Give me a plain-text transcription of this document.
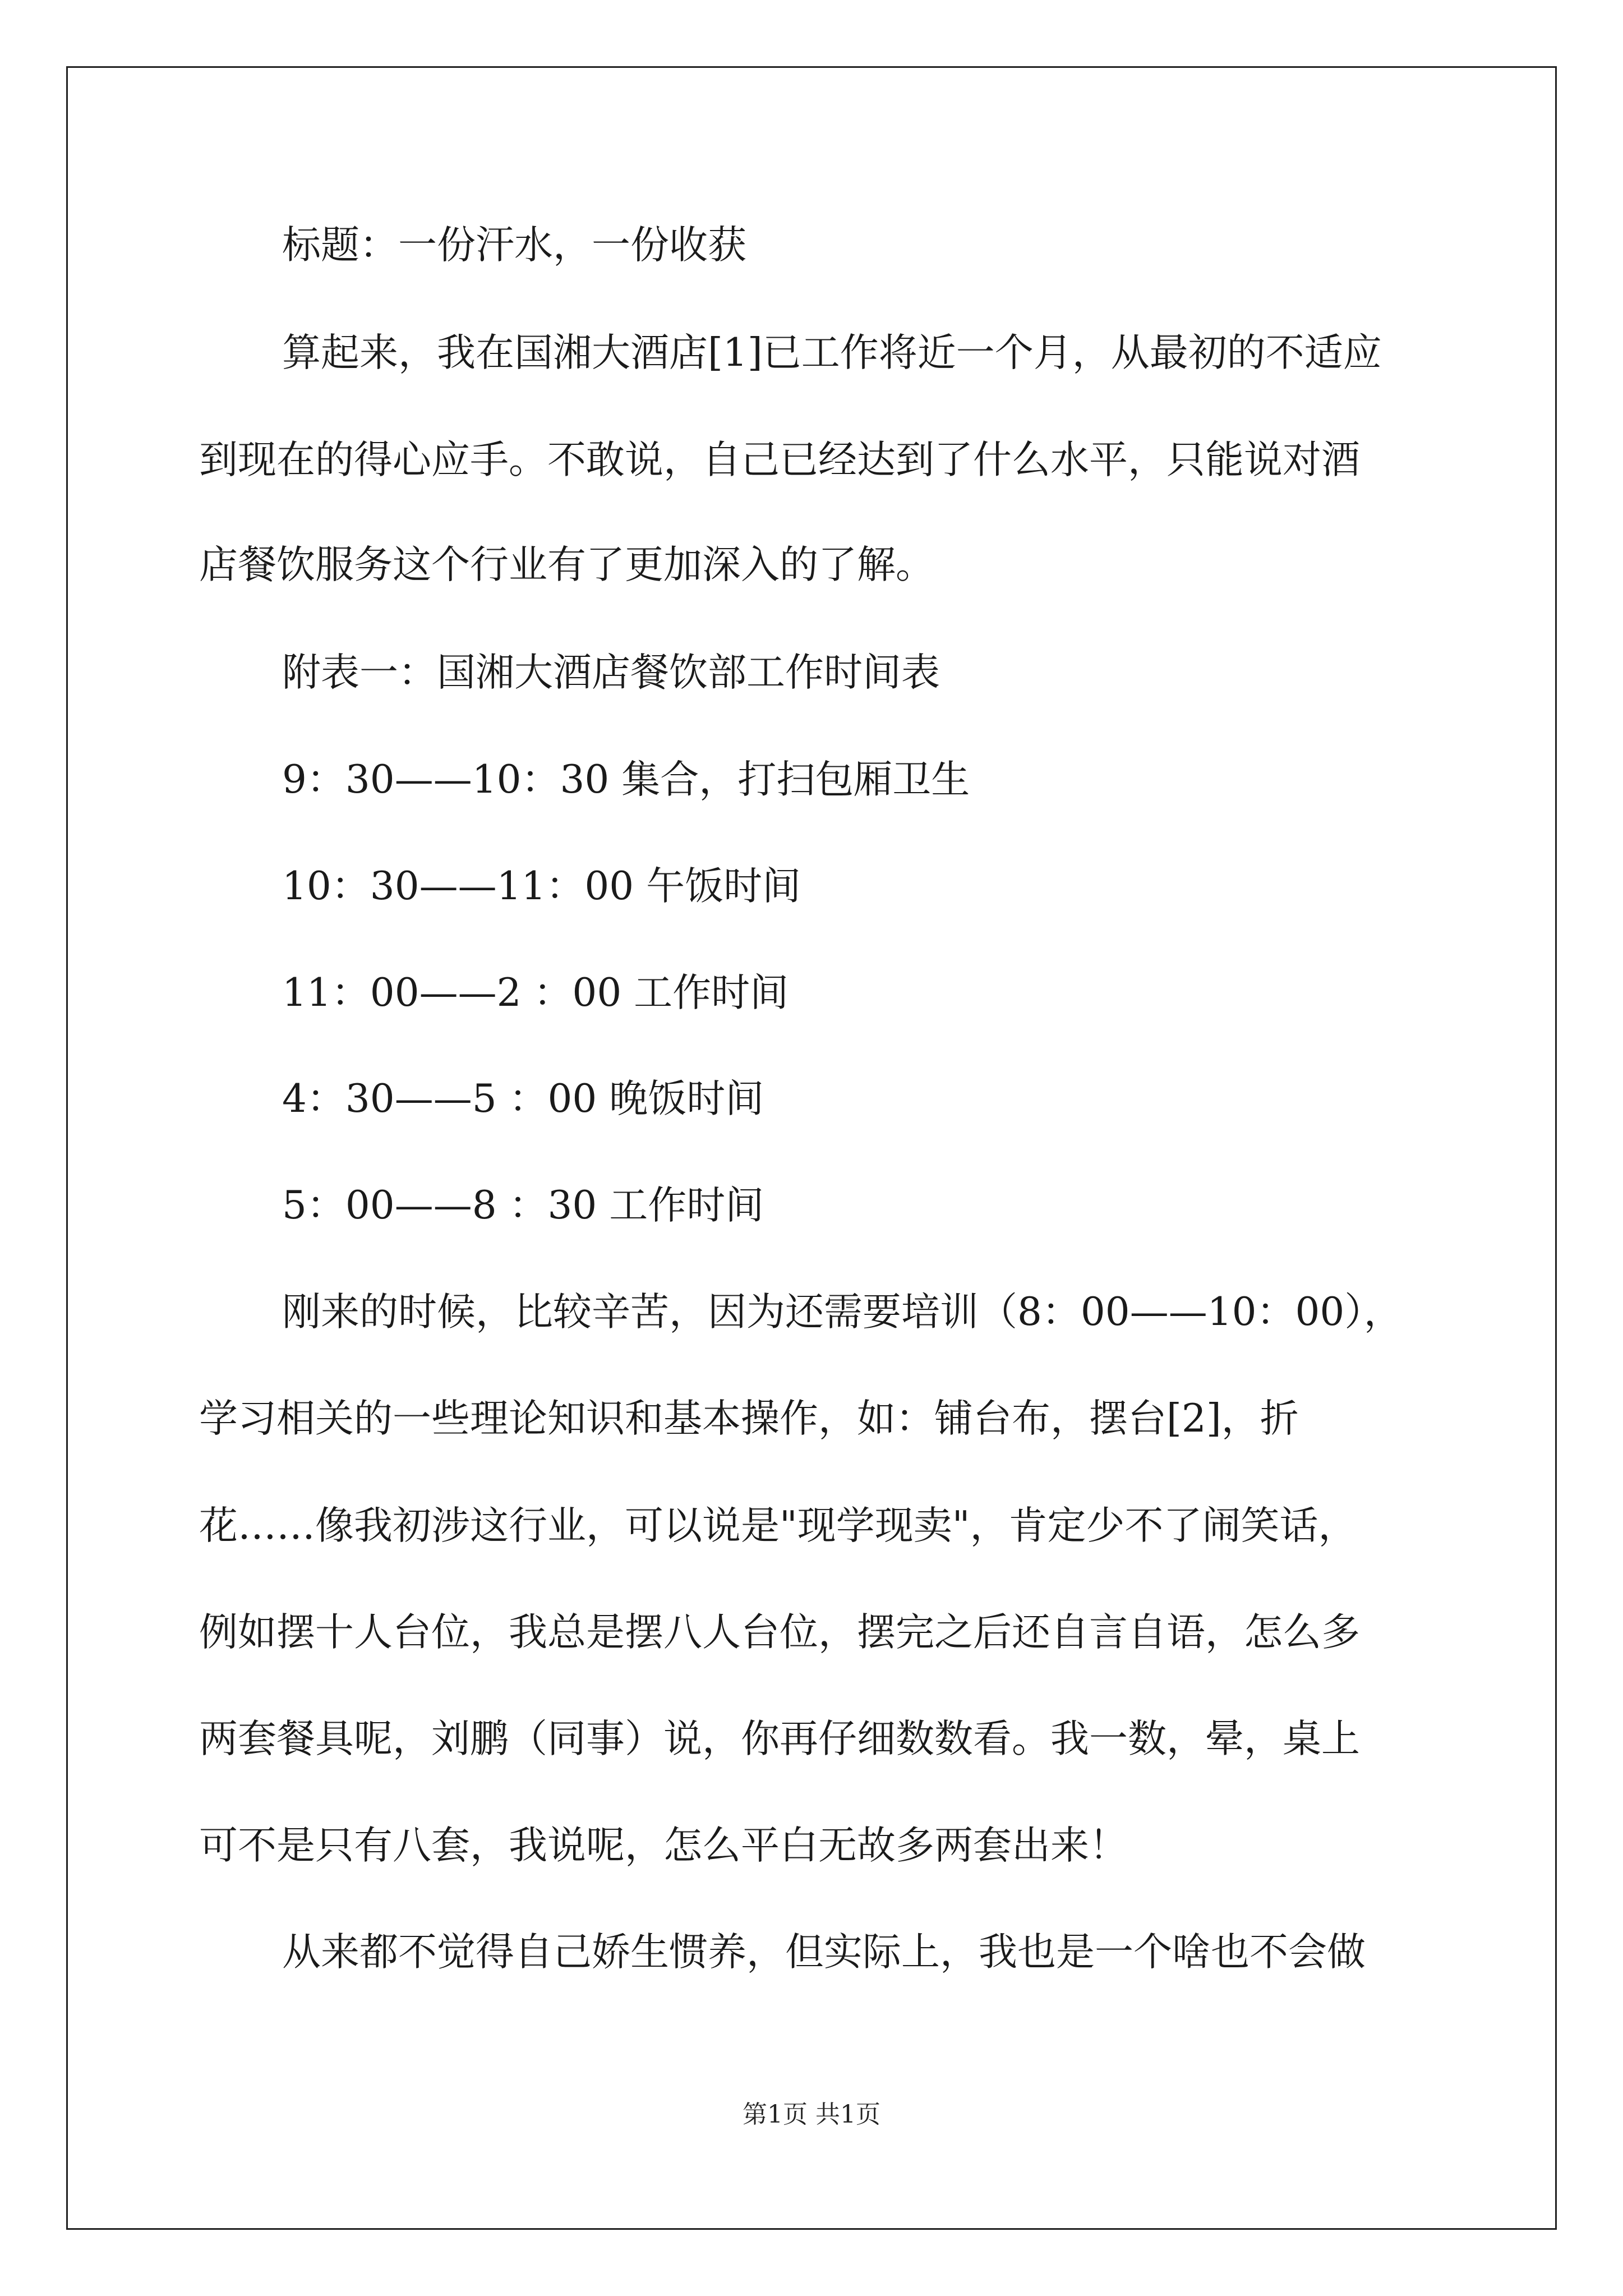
标题：一份汗水，一份收获
算起来，我在国湘大酒店[1]已工作将近一个月，从最初的不适应
到现在的得心应手。不敢说，自己已经达到了什么水平，只能说对酒
店餐饮服务这个行业有了更加深入的了解。
附表一：国湘大酒店餐饮部工作时间表
9：30——10：30 集合，打扫包厢卫生
10：30——11：00 午饭时间
11：00——2 ：00 工作时间
4：30——5 ：00 晚饭时间
5：00——8 ：30 工作时间
刚来的时候，比较辛苦，因为还需要培训（8：00——10：00），
学习相关的一些理论知识和基本操作，如：铺台布，摆台[2]，折
花……像我初涉这行业，可以说是"现学现卖"，肯定少不了闹笑话，
例如摆十人台位，我总是摆八人台位，摆完之后还自言自语，怎么多
两套餐具呢，刘鹏（同事）说，你再仔细数数看。我一数，晕，桌上
可不是只有八套，我说呢，怎么平白无故多两套出来！
从来都不觉得自己娇生惯养，但实际上，我也是一个啥也不会做
第1页 共1页
